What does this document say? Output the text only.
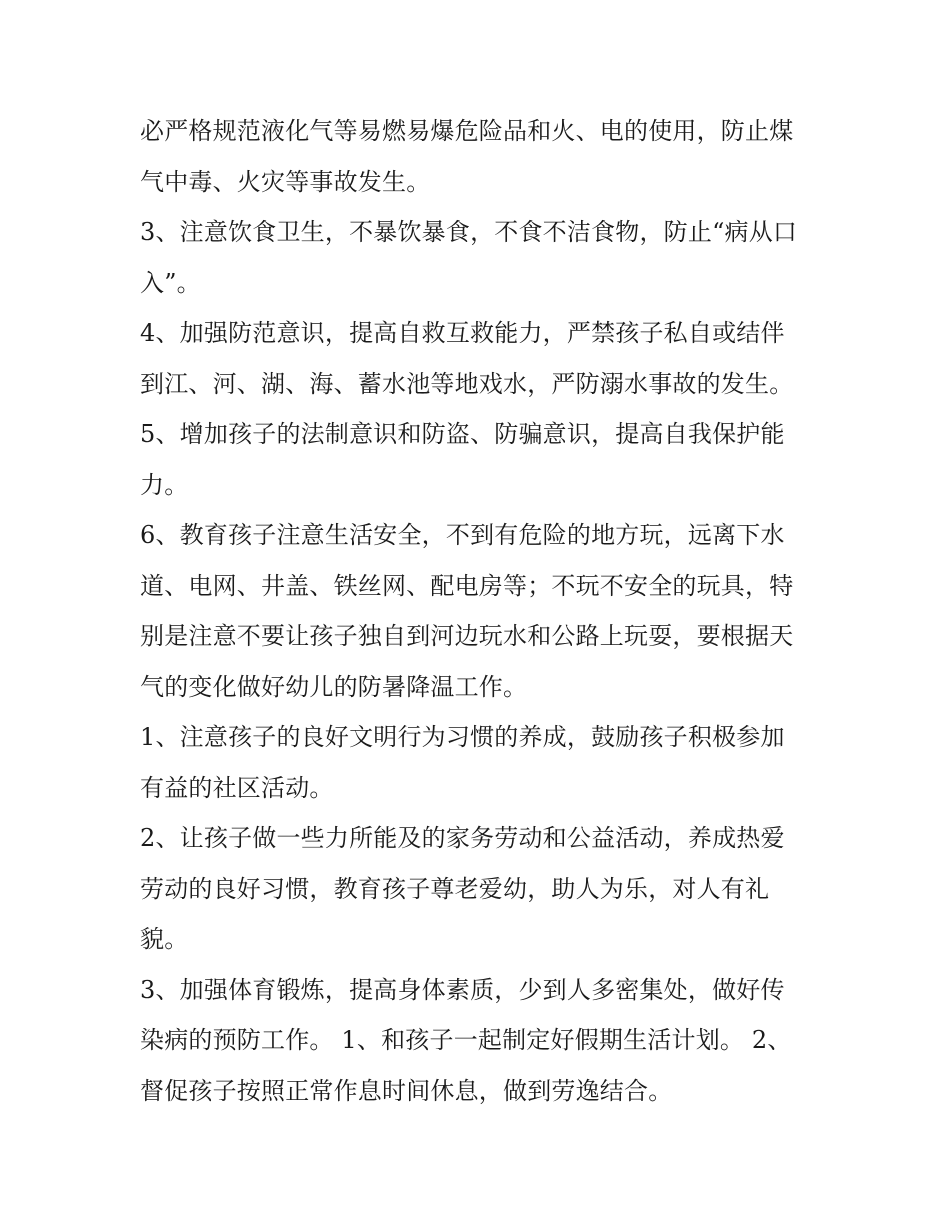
必严格规范液化气等易燃易爆危险品和火、电的使用，防止煤
气中毒、火灾等事故发生。
3、注意饮食卫生，不暴饮暴食，不食不洁食物，防止“病从口
入”。
4、加强防范意识，提高自救互救能力，严禁孩子私自或结伴
到江、河、湖、海、蓄水池等地戏水，严防溺水事故的发生。
5、增加孩子的法制意识和防盗、防骗意识，提高自我保护能
力。
6、教育孩子注意生活安全，不到有危险的地方玩，远离下水
道、电网、井盖、铁丝网、配电房等；不玩不安全的玩具，特
别是注意不要让孩子独自到河边玩水和公路上玩耍，要根据天
气的变化做好幼儿的防暑降温工作。
1、注意孩子的良好文明行为习惯的养成，鼓励孩子积极参加
有益的社区活动。
2、让孩子做一些力所能及的家务劳动和公益活动，养成热爱
劳动的良好习惯，教育孩子尊老爱幼，助人为乐，对人有礼
貌。
3、加强体育锻炼，提高身体素质，少到人多密集处，做好传
染病的预防工作。 1、和孩子一起制定好假期生活计划。 2、
督促孩子按照正常作息时间休息，做到劳逸结合。
